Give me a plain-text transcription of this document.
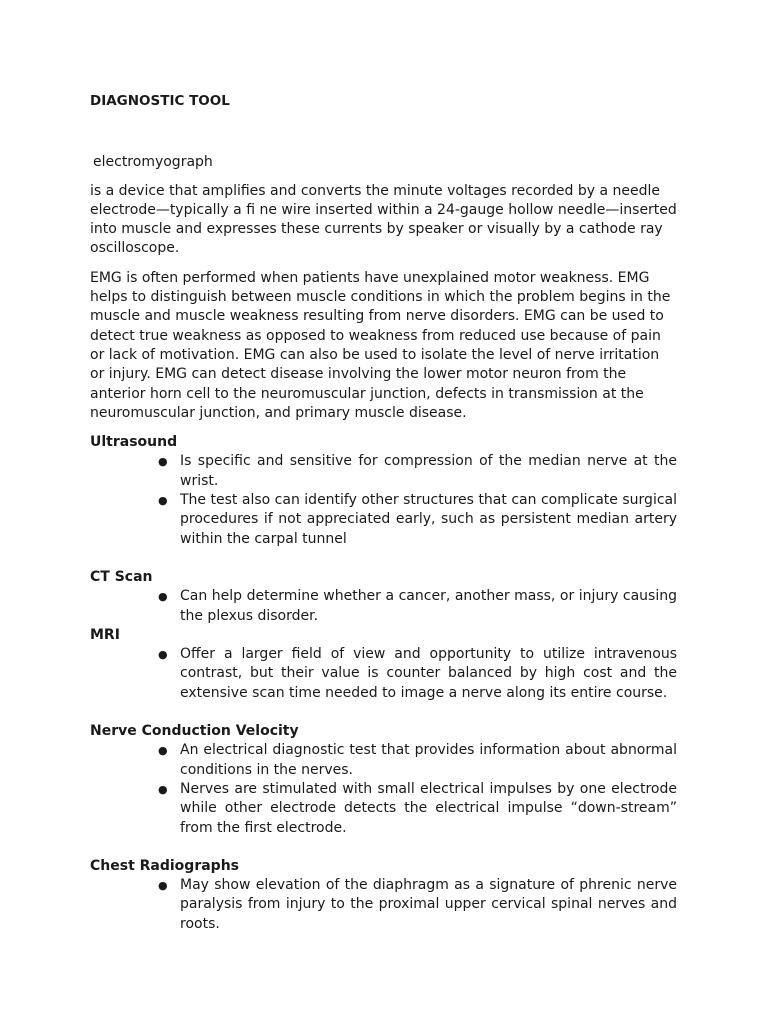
DIAGNOSTIC TOOL

electromyograph

is a device that amplifies and converts the minute voltages recorded by a needle electrode—typically a fi ne wire inserted within a 24-gauge hollow needle—inserted into muscle and expresses these currents by speaker or visually by a cathode ray oscilloscope.

EMG is often performed when patients have unexplained motor weakness. EMG helps to distinguish between muscle conditions in which the problem begins in the muscle and muscle weakness resulting from nerve disorders. EMG can be used to detect true weakness as opposed to weakness from reduced use because of pain or lack of motivation. EMG can also be used to isolate the level of nerve irritation or injury. EMG can detect disease involving the lower motor neuron from the anterior horn cell to the neuromuscular junction, defects in transmission at the neuromuscular junction, and primary muscle disease.

Ultrasound

● Is specific and sensitive for compression of the median nerve at the wrist.
● The test also can identify other structures that can complicate surgical procedures if not appreciated early, such as persistent median artery within the carpal tunnel

CT Scan

● Can help determine whether a cancer, another mass, or injury causing the plexus disorder.

MRI

● Offer a larger field of view and opportunity to utilize intravenous contrast, but their value is counter balanced by high cost and the extensive scan time needed to image a nerve along its entire course.

Nerve Conduction Velocity

● An electrical diagnostic test that provides information about abnormal conditions in the nerves.
● Nerves are stimulated with small electrical impulses by one electrode while other electrode detects the electrical impulse “down-stream” from the first electrode.

Chest Radiographs

● May show elevation of the diaphragm as a signature of phrenic nerve paralysis from injury to the proximal upper cervical spinal nerves and roots.
